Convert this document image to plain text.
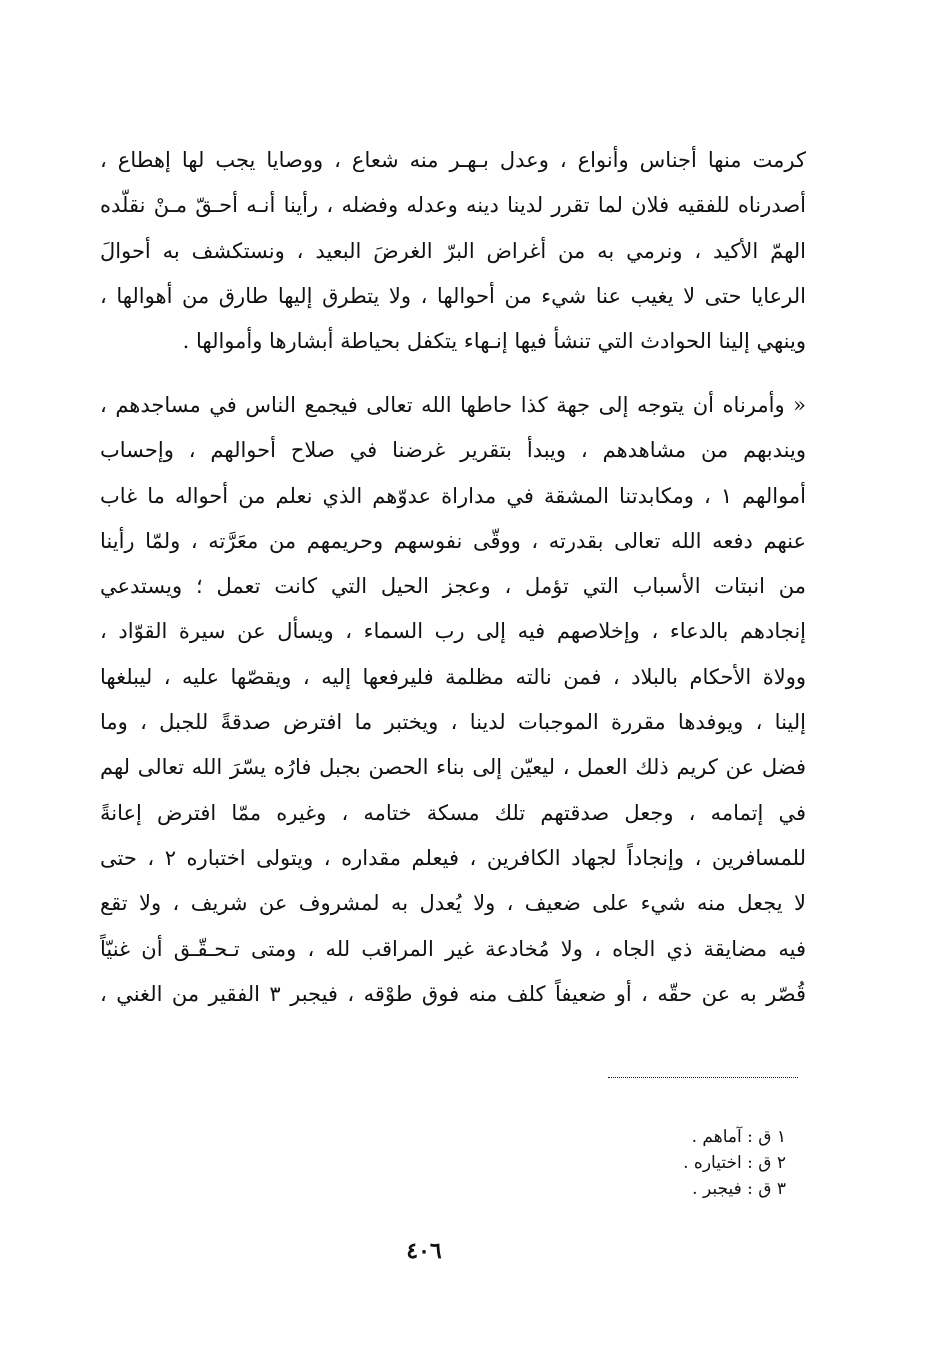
كرمت منها أجناس وأنواع ، وعدل بـهـر منه شعاع ، ووصايا يجب لها إهطاع ،
أصدرناه للفقيه فلان لما تقرر لدينا دينه وعدله وفضله ، رأينا أنـه أحـقّ مـنْ نقلّده
الهمّ الأكيد ، ونرمي به من أغراض البرّ الغرضَ البعيد ، ونستكشف به أحوالَ
الرعايا حتى لا يغيب عنا شيء من أحوالها ، ولا يتطرق إليها طارق من أهوالها ،
وينهي إلينا الحوادث التي تنشأ فيها إنـهاء يتكفل بحياطة أبشارها وأموالها .
« وأمرناه أن يتوجه إلى جهة كذا حاطها الله تعالى فيجمع الناس في مساجدهم ،
ويندبهم من مشاهدهم ، ويبدأ بتقرير غرضنا في صلاح أحوالهم ، وإحساب
أموالهم ١ ، ومكابدتنا المشقة في مداراة عدوّهم الذي نعلم من أحواله ما غاب
عنهم دفعه الله تعالى بقدرته ، ووقّى نفوسهم وحريمهم من معَرَّته ، ولمّا رأينا
من انبتات الأسباب التي تؤمل ، وعجز الحيل التي كانت تعمل ؛ ويستدعي
إنجادهم بالدعاء ، وإخلاصهم فيه إلى رب السماء ، ويسأل عن سيرة القوّاد ،
وولاة الأحكام بالبلاد ، فمن نالته مظلمة فليرفعها إليه ، ويقصّها عليه ، ليبلغها
إلينا ، ويوفدها مقررة الموجبات لدينا ، ويختبر ما افترض صدقةً للجبل ، وما
فضل عن كريم ذلك العمل ، ليعيّن إلى بناء الحصن بجبل فارُه يسّرَ الله تعالى لهم
في إتمامه ، وجعل صدقتهم تلك مسكة ختامه ، وغيره ممّا افترض إعانةً
للمسافرين ، وإنجاداً لجهاد الكافرين ، فيعلم مقداره ، ويتولى اختباره ٢ ، حتى
لا يجعل منه شيء على ضعيف ، ولا يُعدل به لمشروف عن شريف ، ولا تقع
فيه مضايقة ذي الجاه ، ولا مُخادعة غير المراقب لله ، ومتى تـحـقّـق أن غنيّاً
قُصّر به عن حقّه ، أو ضعيفاً كلف منه فوق طوْقه ، فيجبر ٣ الفقير من الغني ،
١ ق : آماهم .
٢ ق : اختياره .
٣ ق : فيجبر .
٤٠٦
